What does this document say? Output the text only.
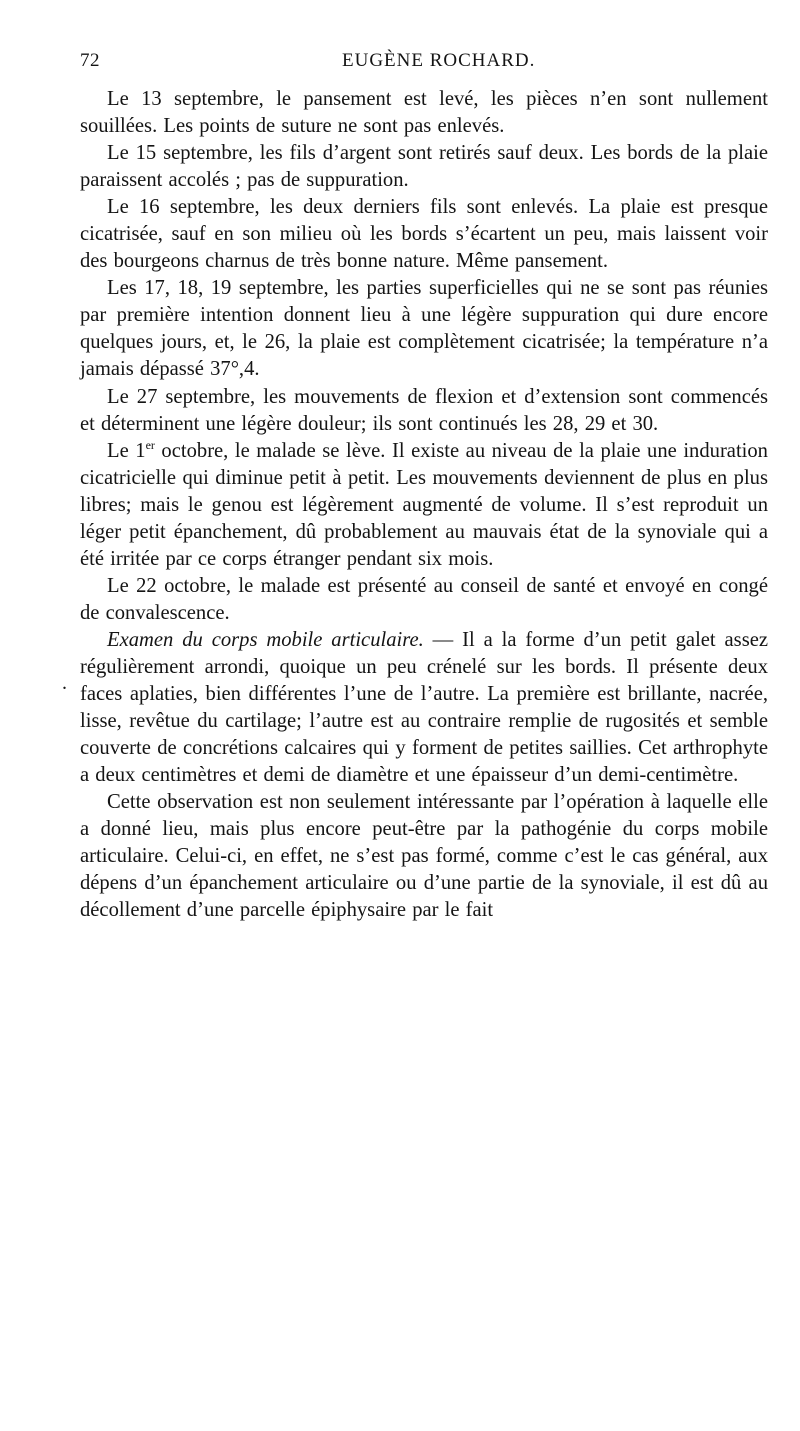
72	EUGÈNE ROCHARD.
.

Le 13 septembre, le pansement est levé, les pièces n’en sont nullement souillées. Les points de suture ne sont pas enlevés.

Le 15 septembre, les fils d’argent sont retirés sauf deux. Les bords de la plaie paraissent accolés ; pas de suppuration.

Le 16 septembre, les deux derniers fils sont enlevés. La plaie est presque cicatrisée, sauf en son milieu où les bords s’écartent un peu, mais laissent voir des bourgeons charnus de très bonne nature. Même pansement.

Les 17, 18, 19 septembre, les parties superficielles qui ne se sont pas réunies par première intention donnent lieu à une légère suppuration qui dure encore quelques jours, et, le 26, la plaie est complètement cicatrisée; la température n’a jamais dépassé 37°,4.

Le 27 septembre, les mouvements de flexion et d’extension sont commencés et déterminent une légère douleur; ils sont continués les 28, 29 et 30.

Le 1er octobre, le malade se lève. Il existe au niveau de la plaie une induration cicatricielle qui diminue petit à petit. Les mouvements deviennent de plus en plus libres; mais le genou est légèrement augmenté de volume. Il s’est reproduit un léger petit épanchement, dû probablement au mauvais état de la synoviale qui a été irritée par ce corps étranger pendant six mois.

Le 22 octobre, le malade est présenté au conseil de santé et envoyé en congé de convalescence.

Examen du corps mobile articulaire. — Il a la forme d’un petit galet assez régulièrement arrondi, quoique un peu crénelé sur les bords. Il présente deux faces aplaties, bien différentes l’une de l’autre. La première est brillante, nacrée, lisse, revêtue du cartilage; l’autre est au contraire remplie de rugosités et semble couverte de concrétions calcaires qui y forment de petites saillies. Cet arthrophyte a deux centimètres et demi de diamètre et une épaisseur d’un demi-centimètre.

Cette observation est non seulement intéressante par l’opération à laquelle elle a donné lieu, mais plus encore peut-être par la pathogénie du corps mobile articulaire. Celui-ci, en effet, ne s’est pas formé, comme c’est le cas général, aux dépens d’un épanchement articulaire ou d’une partie de la synoviale, il est dû au décollement d’une parcelle épiphysaire par le fait
